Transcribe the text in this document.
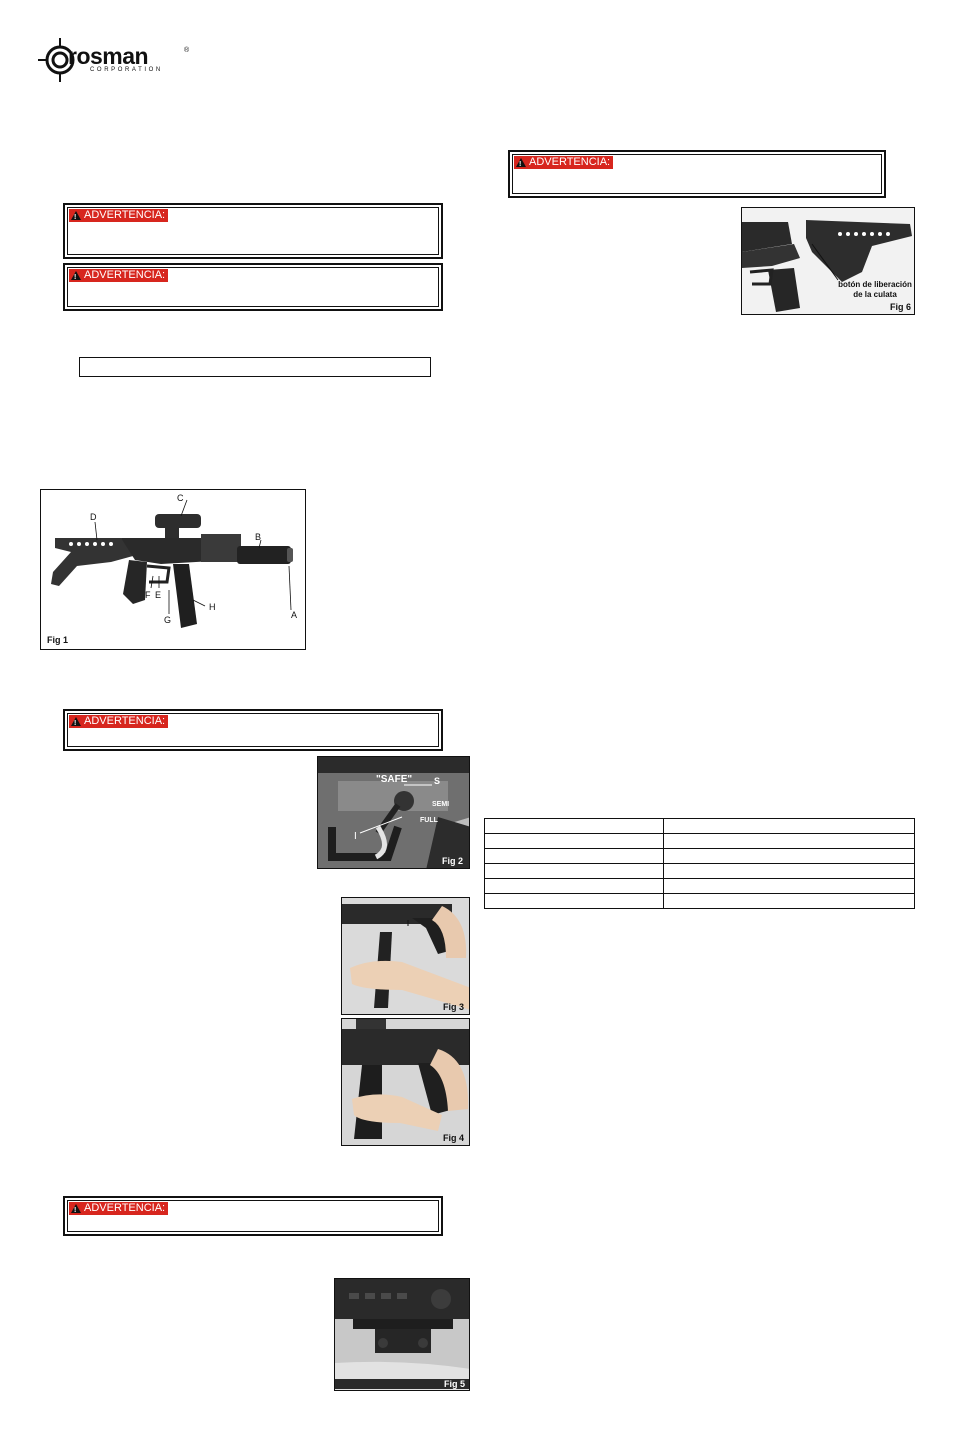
rosman
CORPORATION
®
!
ADVERTENCIA:
!
ADVERTENCIA:
!
ADVERTENCIA:
!
ADVERTENCIA:
!
ADVERTENCIA:
A
B
C
D
E
F
G
H
Fig 1
"SAFE" S
SEMI
FULL
I
Fig 2
Fig 3
Fig 4
Fig 5
botón de liberación
de la culata
Fig 6
